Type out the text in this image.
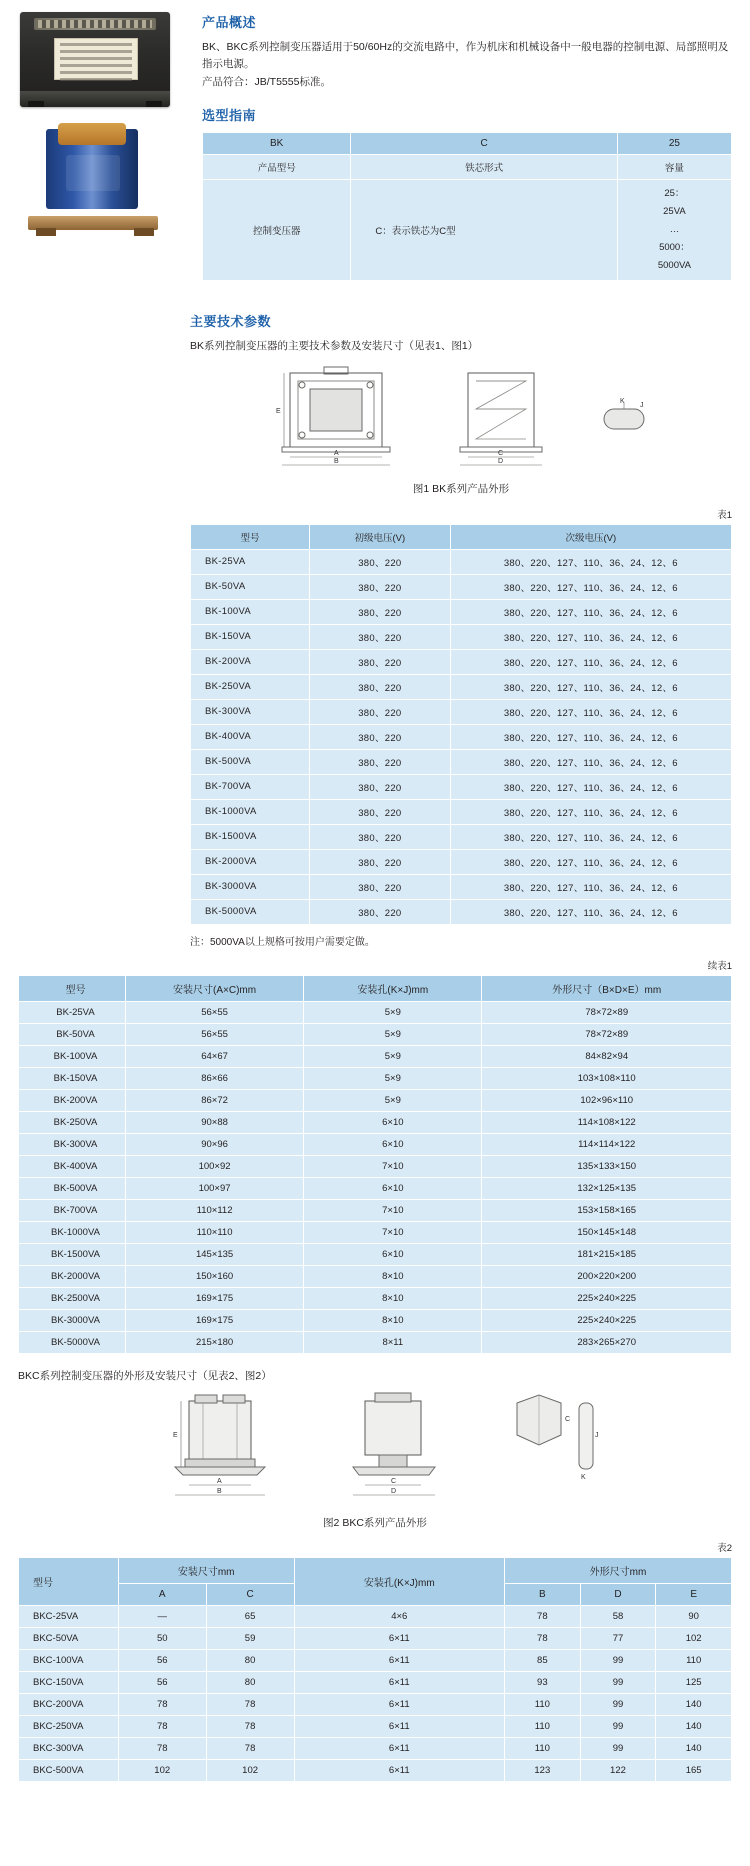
产品概述

BK、BKC系列控制变压器适用于50/60Hz的交流电路中，作为机床和机械设备中一般电器的控制电源、局部照明及指示电源。

产品符合：JB/T5555标准。

选型指南
BK	C	25
产品型号	铁芯形式	容量
控制变压器	C：表示铁芯为C型	25：
25VA
…
5000：
5000VA
主要技术参数

BK系列控制变压器的主要技术参数及安装尺寸（见表1、图1）

E
A
B
C
D
K
J

图1 BK系列产品外形

表1

型号	初级电压(V)	次级电压(V)
BK-25VA	380、220	380、220、127、110、36、24、12、6
BK-50VA	380、220	380、220、127、110、36、24、12、6
BK-100VA	380、220	380、220、127、110、36、24、12、6
BK-150VA	380、220	380、220、127、110、36、24、12、6
BK-200VA	380、220	380、220、127、110、36、24、12、6
BK-250VA	380、220	380、220、127、110、36、24、12、6
BK-300VA	380、220	380、220、127、110、36、24、12、6
BK-400VA	380、220	380、220、127、110、36、24、12、6
BK-500VA	380、220	380、220、127、110、36、24、12、6
BK-700VA	380、220	380、220、127、110、36、24、12、6
BK-1000VA	380、220	380、220、127、110、36、24、12、6
BK-1500VA	380、220	380、220、127、110、36、24、12、6
BK-2000VA	380、220	380、220、127、110、36、24、12、6
BK-3000VA	380、220	380、220、127、110、36、24、12、6
BK-5000VA	380、220	380、220、127、110、36、24、12、6

注：5000VA以上规格可按用户需要定做。

续表1

型号	安装尺寸(A×C)mm	安装孔(K×J)mm	外形尺寸（B×D×E）mm
BK-25VA	56×55	5×9	78×72×89
BK-50VA	56×55	5×9	78×72×89
BK-100VA	64×67	5×9	84×82×94
BK-150VA	86×66	5×9	103×108×110
BK-200VA	86×72	5×9	102×96×110
BK-250VA	90×88	6×10	114×108×122
BK-300VA	90×96	6×10	114×114×122
BK-400VA	100×92	7×10	135×133×150
BK-500VA	100×97	6×10	132×125×135
BK-700VA	110×112	7×10	153×158×165
BK-1000VA	110×110	7×10	150×145×148
BK-1500VA	145×135	6×10	181×215×185
BK-2000VA	150×160	8×10	200×220×200
BK-2500VA	169×175	8×10	225×240×225
BK-3000VA	169×175	8×10	225×240×225
BK-5000VA	215×180	8×11	283×265×270

BKC系列控制变压器的外形及安装尺寸（见表2、图2）

E
A
B
C
D
C
J
K

图2 BKC系列产品外形

表2

型号	安装尺寸mm		安装孔(K×J)mm	外形尺寸mm		
	A	C		B	D	E
BKC-25VA	—	65	4×6	78	58	90
BKC-50VA	50	59	6×11	78	77	102
BKC-100VA	56	80	6×11	85	99	110
BKC-150VA	56	80	6×11	93	99	125
BKC-200VA	78	78	6×11	110	99	140
BKC-250VA	78	78	6×11	110	99	140
BKC-300VA	78	78	6×11	110	99	140
BKC-500VA	102	102	6×11	123	122	165
